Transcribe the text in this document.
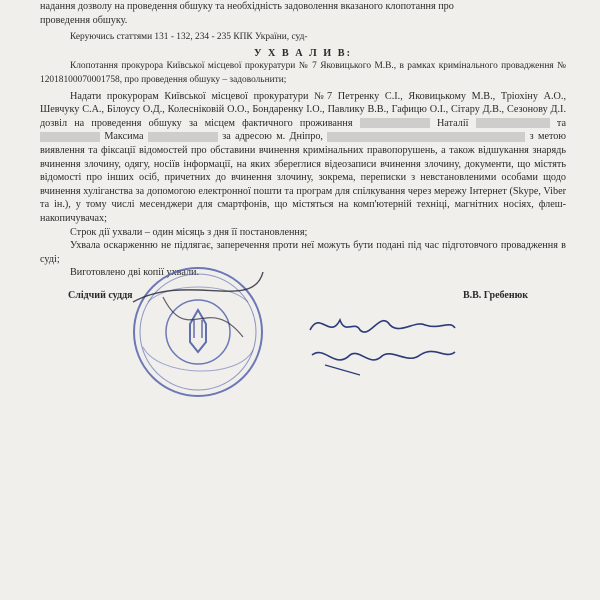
надання дозволу на проведення обшуку та необхідність задоволення вказаного клопотання про

проведення обшуку.

Керуючись статтями 131 - 132, 234 - 235 КПК України, суд-

У Х В А Л И В:

Клопотання прокурора Київської місцевої прокуратури № 7 Яковицького М.В., в рамках кримінального провадження № 12018100070001758, про проведення обшуку – задовольнити;

Надати прокурорам Київської місцевої прокуратури №7 Петренку С.І., Яковицькому М.В., Тріохіну А.О., Шевчуку С.А., Білоусу О.Д., Колесніковій О.О., Бондаренку І.О., Павлику В.В., Гафицю О.І., Сітару Д.В., Сезонову Д.І. дозвіл на проведення обшуку за місцем фактичного проживання	Наталії	та  Максима	за адресою м. Дніпро,	з метою виявлення та фіксації відомостей про обставини вчинення кримінальних правопорушень, а також відшукання знарядь вчинення злочину, одягу, носіїв інформації, на яких збереглися відеозаписи вчинення злочину, документи, що містять відомості про інших осіб, причетних до вчинення злочину, зокрема, переписки з невстановленими особами щодо вчинення хуліганства за допомогою електронної пошти та програм для спілкування через мережу Інтернет (Skype, Viber та ін.), у тому числі месенджери для смартфонів, що містяться на комп'ютерній техніці, магнітних носіях, флеш-накопичувачах;

Строк дії ухвали – один місяць з дня її постановлення;

Ухвала оскарженню не підлягає, заперечення проти неї можуть бути подані під час підготовчого провадження в суді;

Виготовлено дві копії ухвали.

Слідчий суддя	В.В. Гребенюк
